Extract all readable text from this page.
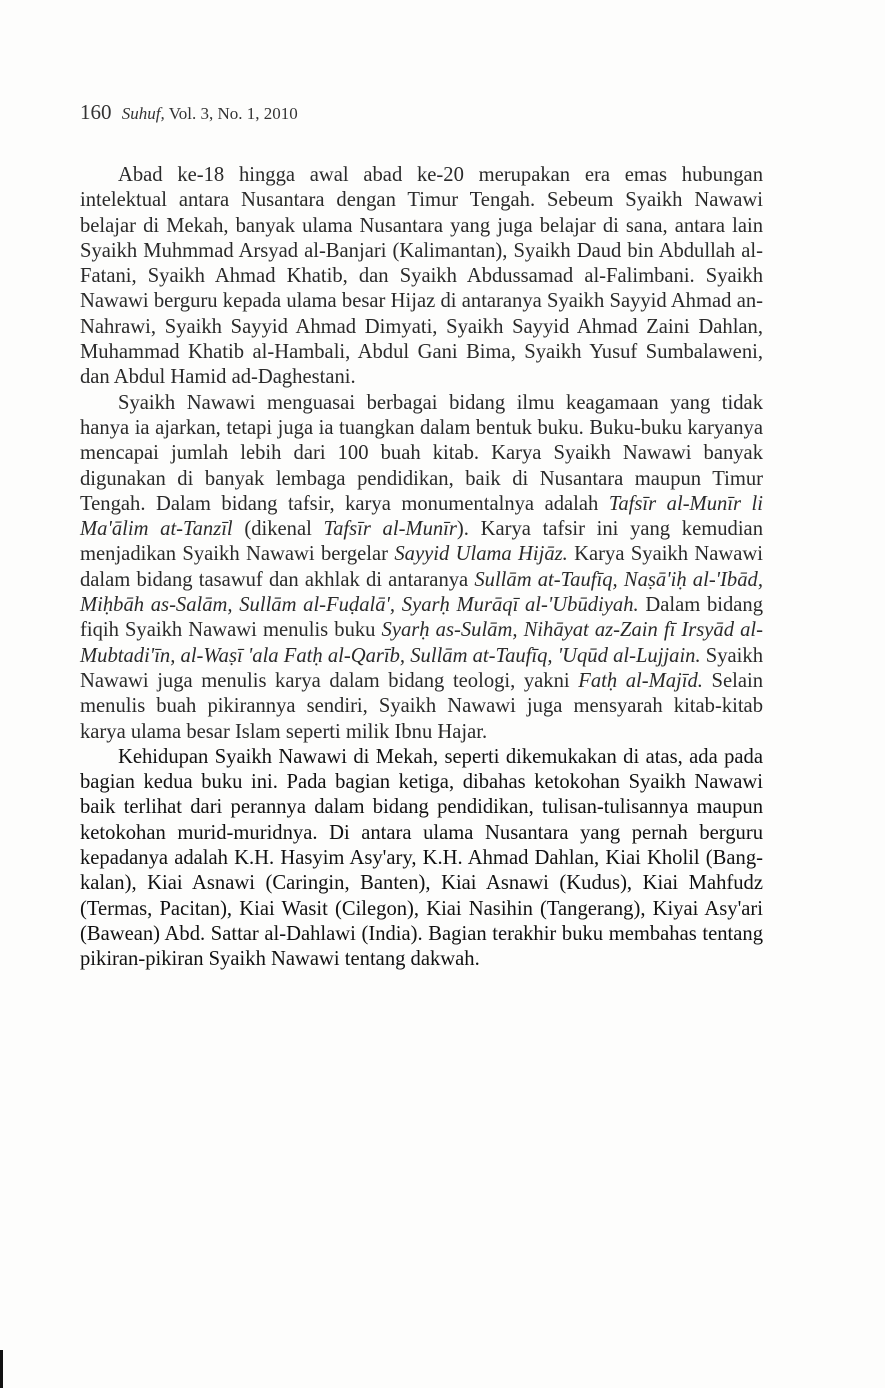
160 Suhuf, Vol. 3, No. 1, 2010

Abad ke-18 hingga awal abad ke-20 merupakan era emas hubungan intelektual antara Nusantara dengan Timur Tengah. Sebeum Syaikh Nawawi belajar di Mekah, banyak ulama Nusantara yang juga belajar di sana, antara lain Syaikh Muhmmad Arsyad al-Banjari (Kalimantan), Syaikh Daud bin Abdullah al-Fatani, Syaikh Ahmad Khatib, dan Syaikh Abdussamad al-Falimbani. Syaikh Nawawi berguru kepada ulama besar Hijaz di antaranya Syaikh Sayyid Ahmad an-Nahrawi, Syaikh Sayyid Ahmad Dimyati, Syaikh Sayyid Ahmad Zaini Dahlan, Muhammad Khatib al-Hambali, Abdul Gani Bima, Syaikh Yusuf Sumbalaweni, dan Abdul Hamid ad-Daghestani.

Syaikh Nawawi menguasai berbagai bidang ilmu keagamaan yang tidak hanya ia ajarkan, tetapi juga ia tuangkan dalam bentuk buku. Buku-buku karyanya mencapai jumlah lebih dari 100 buah kitab. Karya Syaikh Nawawi banyak digunakan di banyak lembaga pendidikan, baik di Nusantara maupun Timur Tengah. Dalam bidang tafsir, karya monumentalnya adalah Tafsīr al-Munīr li Ma'ālim at-Tanzīl (dikenal Tafsīr al-Munīr). Karya tafsir ini yang kemudian menjadikan Syaikh Nawawi bergelar Sayyid Ulama Hijāz. Karya Syaikh Nawawi dalam bidang tasawuf dan akhlak di antaranya Sullām at-Taufīq, Naṣā'iḥ al-'Ibād, Miḥbāh as-Salām, Sullām al-Fuḍalā', Syarḥ Murāqī al-'Ubūdiyah. Dalam bidang fiqih Syaikh Nawawi menulis buku Syarḥ as-Sulām, Nihāyat az-Zain fī Irsyād al-Mubtadi'īn, al-Waṣī 'ala Fatḥ al-Qarīb, Sullām at-Taufīq, 'Uqūd al-Lujjain. Syaikh Nawawi juga menulis karya dalam bidang teologi, yakni Fatḥ al-Majīd. Selain menulis buah pikirannya sendiri, Syaikh Nawawi juga mensyarah kitab-kitab karya ulama besar Islam seperti milik Ibnu Hajar.

Kehidupan Syaikh Nawawi di Mekah, seperti dikemukakan di atas, ada pada bagian kedua buku ini. Pada bagian ketiga, dibahas ketokohan Syaikh Nawawi baik terlihat dari perannya dalam bidang pendidikan, tulisan-tulisannya maupun ketokohan murid-muridnya. Di antara ulama Nusantara yang pernah berguru kepadanya adalah K.H. Hasyim Asy'ary, K.H. Ahmad Dahlan, Kiai Kholil (Bangkalan), Kiai Asnawi (Caringin, Banten), Kiai Asnawi (Kudus), Kiai Mahfudz (Termas, Pacitan), Kiai Wasit (Cilegon), Kiai Nasihin (Tangerang), Kiyai Asy'ari (Bawean) Abd. Sattar al-Dahlawi (India). Bagian terakhir buku membahas tentang pikiran-pikiran Syaikh Nawawi tentang dakwah.
